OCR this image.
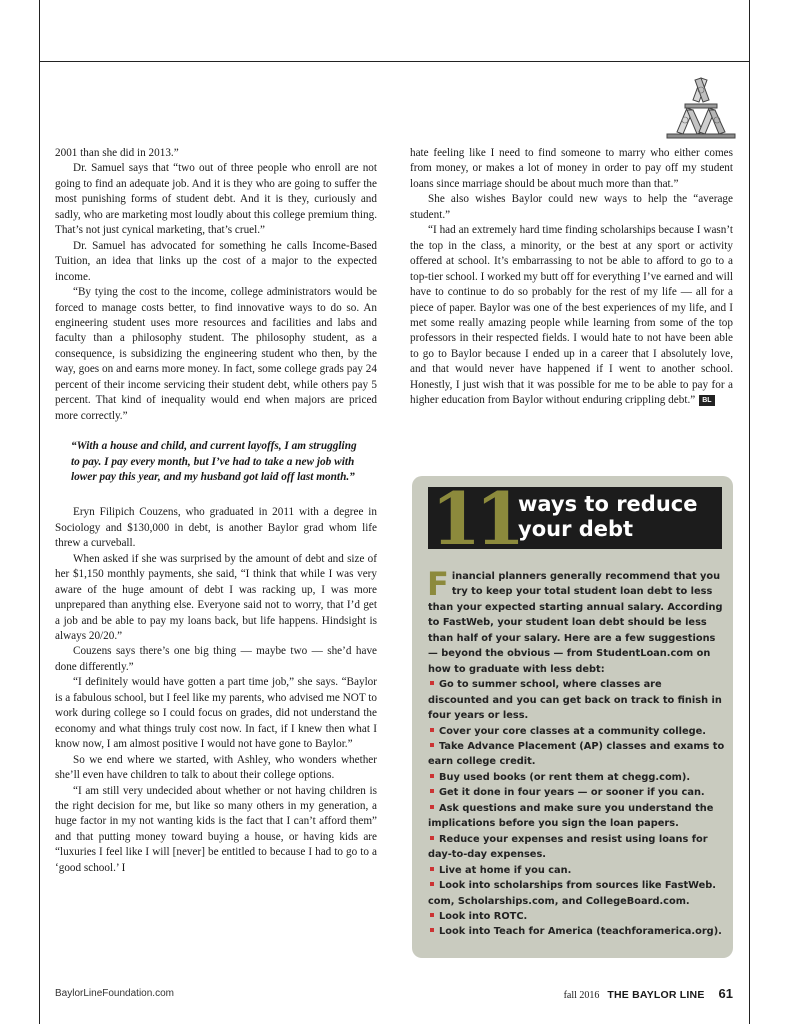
2001 than she did in 2013.”

Dr. Samuel says that “two out of three people who enroll are not going to find an adequate job. And it is they who are going to suffer the most punishing forms of student debt. And it is they, curiously and sadly, who are marketing most loudly about this college premium thing. That’s not just cynical marketing, that’s cruel.”

Dr. Samuel has advocated for something he calls Income-Based Tuition, an idea that links up the cost of a major to the expected income.

“By tying the cost to the income, college administrators would be forced to manage costs better, to find innovative ways to do so. An engineering student uses more resources and facilities and labs and faculty than a philosophy student. The philosophy student, as a consequence, is subsidizing the engineering student who then, by the way, goes on and earns more money. In fact, some college grads pay 24 percent of their income servicing their student debt, while others pay 5 percent. That kind of inequality would end when majors are priced more correctly.”

“With a house and child, and current layoffs, I am struggling to pay. I pay every month, but I’ve had to take a new job with lower pay this year, and my husband got laid off last month.”

Eryn Filipich Couzens, who graduated in 2011 with a degree in Sociology and $130,000 in debt, is another Baylor grad whom life threw a curveball.

When asked if she was surprised by the amount of debt and size of her $1,150 monthly payments, she said, “I think that while I was very aware of the huge amount of debt I was racking up, I was more unprepared than anything else. Everyone said not to worry, that I’d get a job and be able to pay my loans back, but life happens. Hindsight is always 20/20.”

Couzens says there’s one big thing — maybe two — she’d have done differently.”

“I definitely would have gotten a part time job,” she says. “Baylor is a fabulous school, but I feel like my parents, who advised me NOT to work during college so I could focus on grades, did not understand the economy and what things truly cost now. In fact, if I knew then what I know now, I am almost positive I would not have gone to Baylor.”

So we end where we started, with Ashley, who wonders whether she’ll even have children to talk to about their college options.

“I am still very undecided about whether or not having children is the right decision for me, but like so many others in my generation, a huge factor in my not wanting kids is the fact that I can’t afford them” and that putting money toward buying a house, or having kids are “luxuries I feel like I will [never] be entitled to because I had to go to a ‘good school.’ I

hate feeling like I need to find someone to marry who either comes from money, or makes a lot of money in order to pay off my student loans since marriage should be about much more than that.”

She also wishes Baylor could new ways to help the “average student.”

“I had an extremely hard time finding scholarships because I wasn’t the top in the class, a minority, or the best at any sport or activity offered at school. It’s embarrassing to not be able to afford to go to a top-tier school. I worked my butt off for everything I’ve earned and will have to continue to do so probably for the rest of my life — all for a piece of paper. Baylor was one of the best experiences of my life, and I met some really amazing people while learning from some of the top professors in their respected fields. I would hate to not have been able to go to Baylor because I ended up in a career that I absolutely love, and that would never have happened if I went to another school. Honestly, I just wish that it was possible for me to be able to pay for a higher education from Baylor without enduring crippling debt.” BL

11
ways to reduce your debt

Financial planners generally recommend that you try to keep your total student loan debt to less than your expected starting annual salary. According to FastWeb, your student loan debt should be less than half of your salary. Here are a few suggestions — beyond the obvious — from StudentLoan.com on how to graduate with less debt:

Go to summer school, where classes are discounted and you can get back on track to finish in four years or less.
Cover your core classes at a community college.
Take Advance Placement (AP) classes and exams to earn college credit.
Buy used books (or rent them at chegg.com).
Get it done in four years — or sooner if you can.
Ask questions and make sure you understand the implications before you sign the loan papers.
Reduce your expenses and resist using loans for day-to-day expenses.
Live at home if you can.
Look into scholarships from sources like FastWeb. com, Scholarships.com, and CollegeBoard.com.
Look into ROTC.
Look into Teach for America (teachforamerica.org).
BaylorLineFoundation.com	fall 2016 THE BAYLOR LINE 61
